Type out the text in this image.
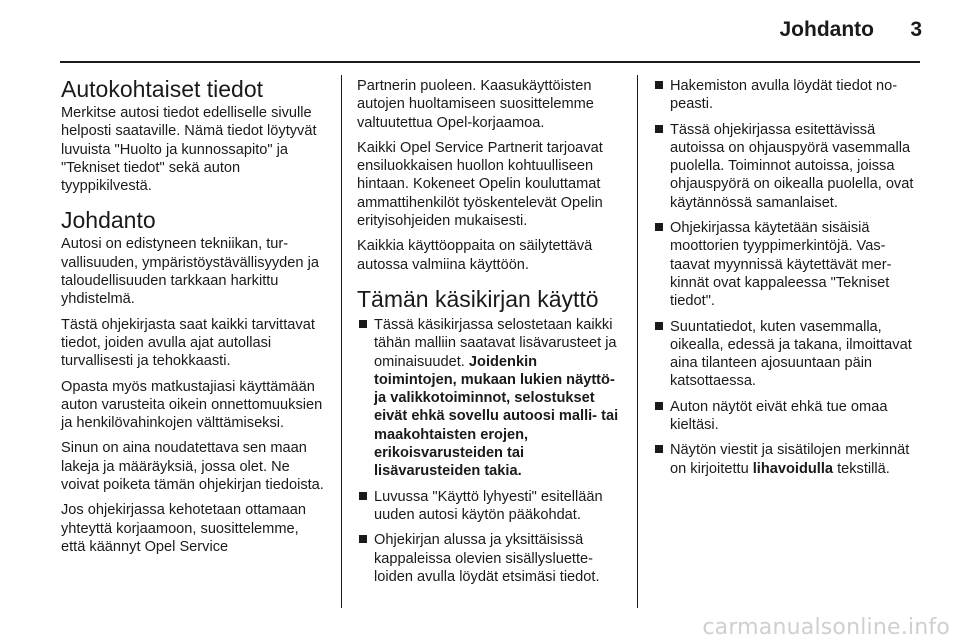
Johdanto 3
Autokohtaiset tiedot

Merkitse autosi tiedot edelliselle sivulle helposti saataville. Nämä tiedot löytyvät luvuista "Huolto ja kunnossapito" ja "Tekniset tiedot" sekä auton tyyppikilvestä.

Johdanto

Autosi on edistyneen tekniikan, turvallisuuden, ympäristöystävällisyyden ja taloudellisuuden tarkkaan harkittu yhdistelmä.

Tästä ohjekirjasta saat kaikki tarvittavat tiedot, joiden avulla ajat autollasi turvallisesti ja tehokkaasti.

Opasta myös matkustajiasi käyttämään auton varusteita oikein onnettomuuksien ja henkilövahinkojen välttämiseksi.

Sinun on aina noudatettava sen maan lakeja ja määräyksiä, jossa olet. Ne voivat poiketa tämän ohjekirjan tiedoista.

Jos ohjekirjassa kehotetaan ottamaan yhteyttä korjaamoon, suosittelemme, että käännyt Opel Service

Partnerin puoleen. Kaasukäyttöisten autojen huoltamiseen suosittelemme valtuutettua Opel-korjaamoa.

Kaikki Opel Service Partnerit tarjoavat ensiluokkaisen huollon kohtuulliseen hintaan. Kokeneet Opelin kouluttamat ammattihenkilöt työskentelevät Opelin erityisohjeiden mukaisesti.

Kaikkia käyttöoppaita on säilytettävä autossa valmiina käyttöön.

Tämän käsikirjan käyttö
Tässä käsikirjassa selostetaan kaikki tähän malliin saatavat lisävarusteet ja ominaisuudet. Joidenkin toimintojen, mukaan lukien näyttö- ja valikkotoiminnot, selostukset eivät ehkä sovellu autoosi malli- tai maakohtaisten erojen, erikoisvarusteiden tai lisävarusteiden takia.
Luvussa "Käyttö lyhyesti" esitellään uuden autosi käytön pääkohdat.
Ohjekirjan alussa ja yksittäisissä kappaleissa olevien sisällysluetteloiden avulla löydät etsimäsi tiedot.
Hakemiston avulla löydät tiedot nopeasti.
Tässä ohjekirjassa esitettävissä autoissa on ohjauspyörä vasemmalla puolella. Toiminnot autoissa, joissa ohjauspyörä on oikealla puolella, ovat käytännössä samanlaiset.
Ohjekirjassa käytetään sisäisiä moottorien tyyppimerkintöjä. Vastaavat myynnissä käytettävät merkinnät ovat kappaleessa "Tekniset tiedot".
Suuntatiedot, kuten vasemmalla, oikealla, edessä ja takana, ilmoittavat aina tilanteen ajosuuntaan päin katsottaessa.
Auton näytöt eivät ehkä tue omaa kieltäsi.
Näytön viestit ja sisätilojen merkinnät on kirjoitettu lihavoidulla tekstillä.
carmanualsonline.info
